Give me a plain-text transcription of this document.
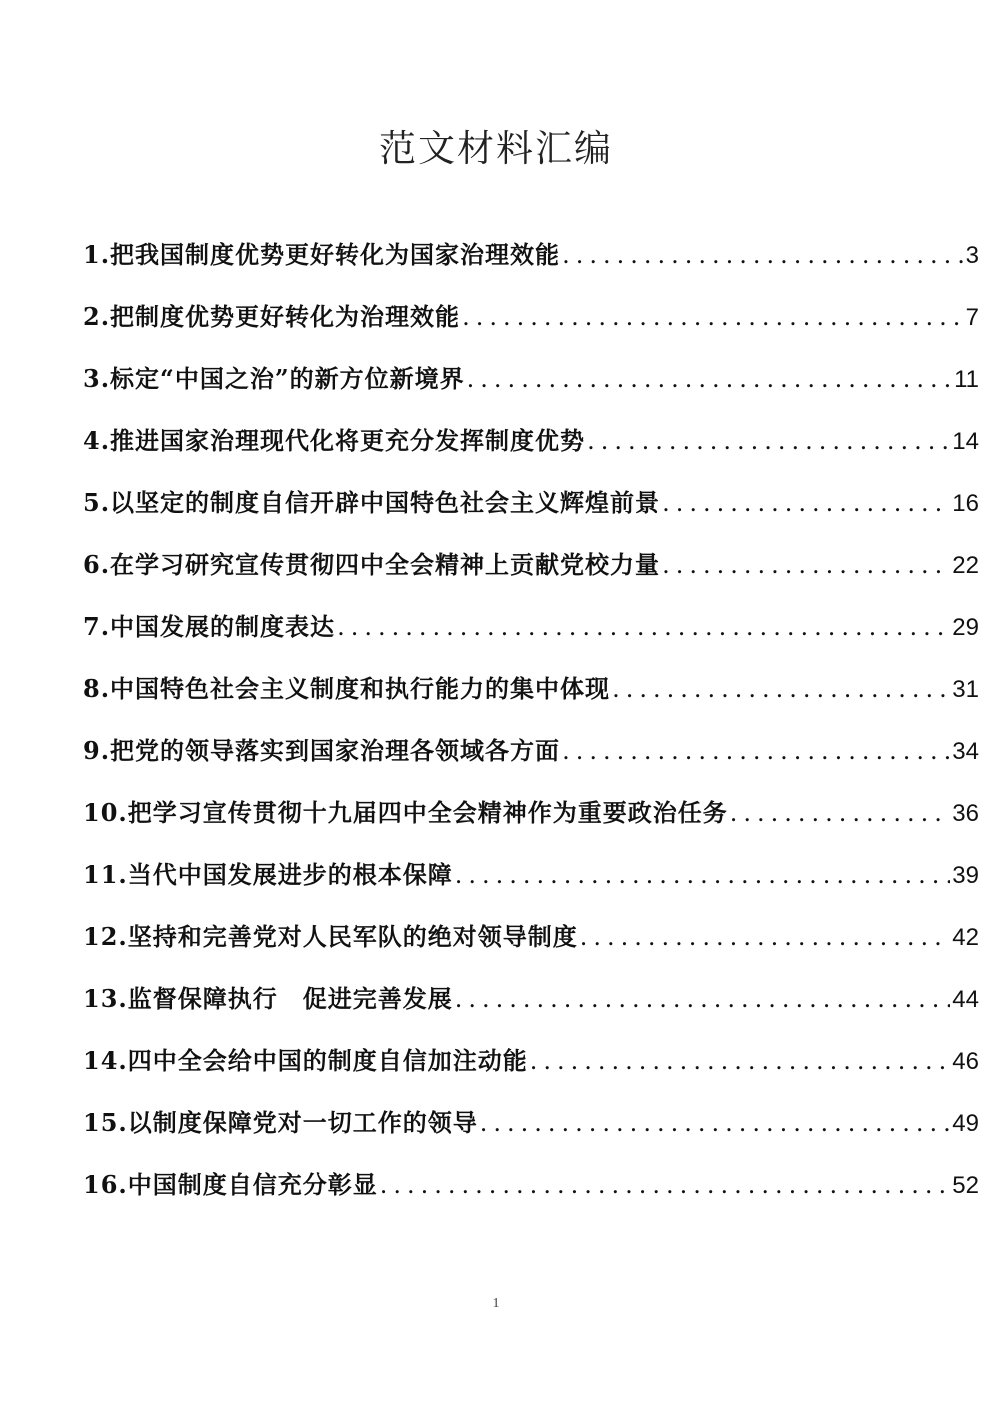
范文材料汇编
1.把我国制度优势更好转化为国家治理效能 .....	3
2.把制度优势更好转化为治理效能 .....	7
3.标定“中国之治”的新方位新境界 .....	11
4.推进国家治理现代化将更充分发挥制度优势 .....	14
5.以坚定的制度自信开辟中国特色社会主义辉煌前景 .....	16
6.在学习研究宣传贯彻四中全会精神上贡献党校力量 .....	22
7.中国发展的制度表达 .....	29
8.中国特色社会主义制度和执行能力的集中体现 .....	31
9.把党的领导落实到国家治理各领域各方面 .....	34
10.把学习宣传贯彻十九届四中全会精神作为重要政治任务 .....	36
11.当代中国发展进步的根本保障 .....	39
12.坚持和完善党对人民军队的绝对领导制度 .....	42
13.监督保障执行　促进完善发展 .....	44
14.四中全会给中国的制度自信加注动能 .....	46
15.以制度保障党对一切工作的领导 .....	49
16.中国制度自信充分彰显 .....	52
1
